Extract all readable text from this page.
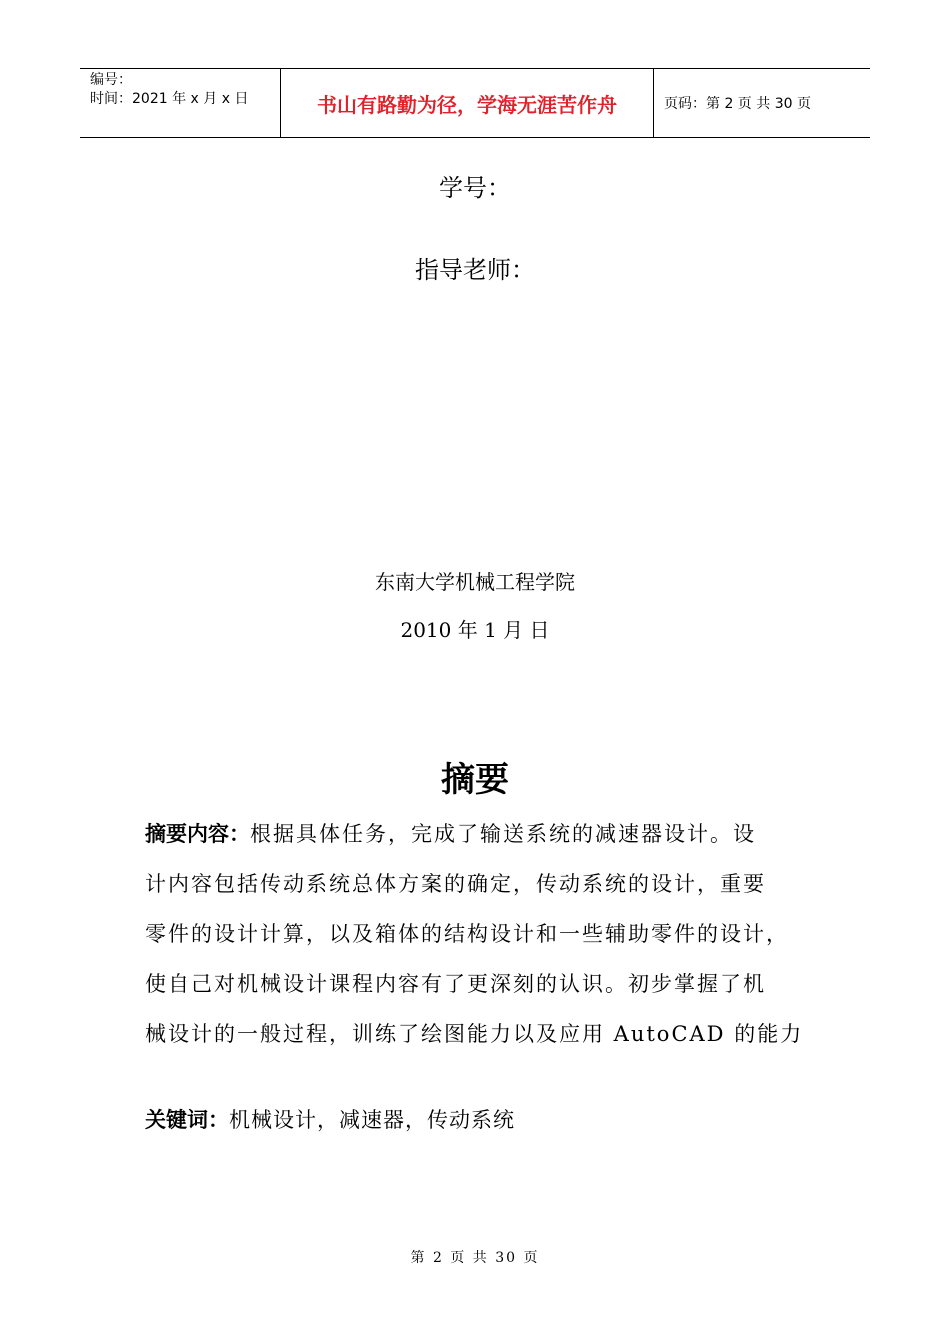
编号：
时间：2021 年 x 月 x 日	书山有路勤为径，学海无涯苦作舟	页码：第 2 页 共 30 页
学号：
指导老师：
东南大学机械工程学院
2010 年 1 月 日
摘要
摘要内容：根据具体任务，完成了输送系统的减速器设计。设
计内容包括传动系统总体方案的确定，传动系统的设计，重要
零件的设计计算，以及箱体的结构设计和一些辅助零件的设计，
使自己对机械设计课程内容有了更深刻的认识。初步掌握了机
械设计的一般过程，训练了绘图能力以及应用 AutoCAD 的能力
关键词：机械设计，减速器，传动系统
第 2 页 共 30 页
